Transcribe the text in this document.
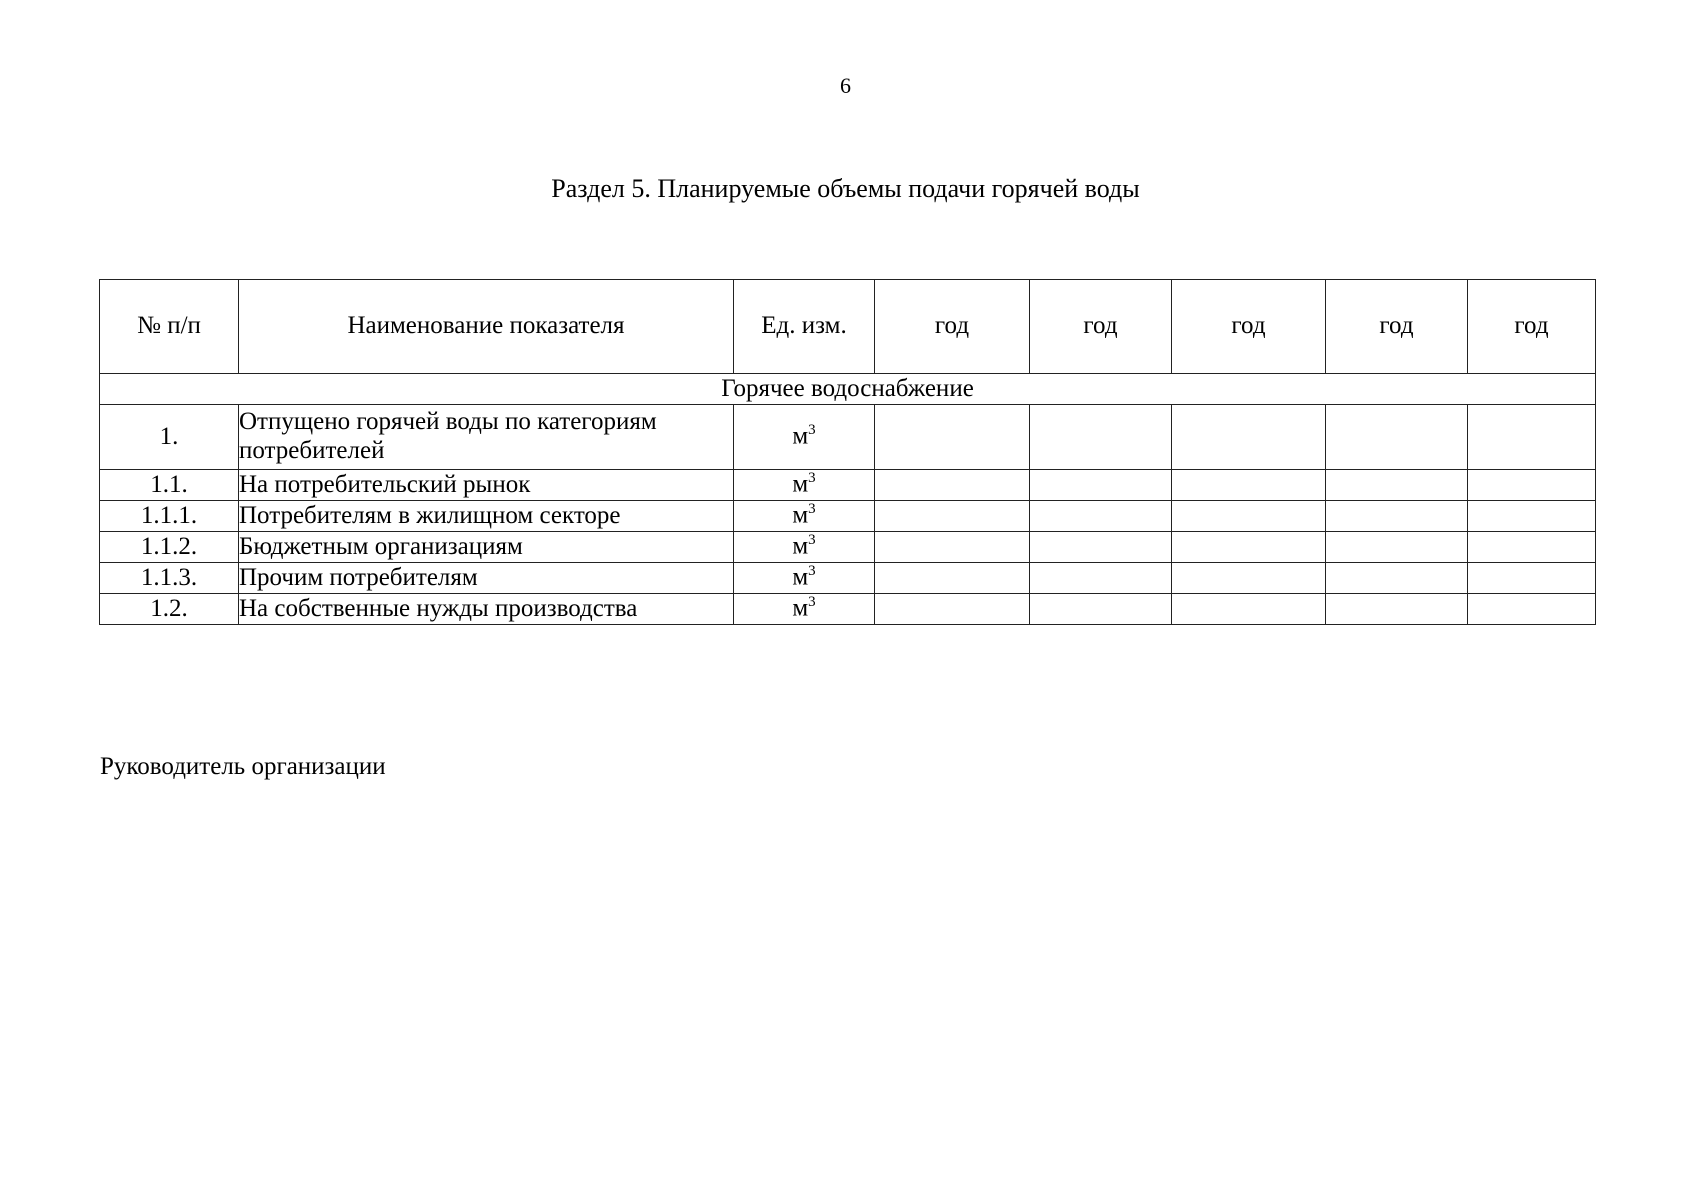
6
Раздел 5. Планируемые объемы подачи горячей воды
№ п/п	Наименование показателя	Ед. изм.	год	год	год	год	год
Горячее водоснабжение							
1.	Отпущено горячей воды по категориям потребителей	$м^3$					
1.1.	На потребительский рынок	$м^3$					
1.1.1.	Потребителям в жилищном секторе	$м^3$					
1.1.2.	Бюджетным организациям	$м^3$					
1.1.3.	Прочим потребителям	$м^3$					
1.2.	На собственные нужды производства	$м^3$					
Руководитель организации
